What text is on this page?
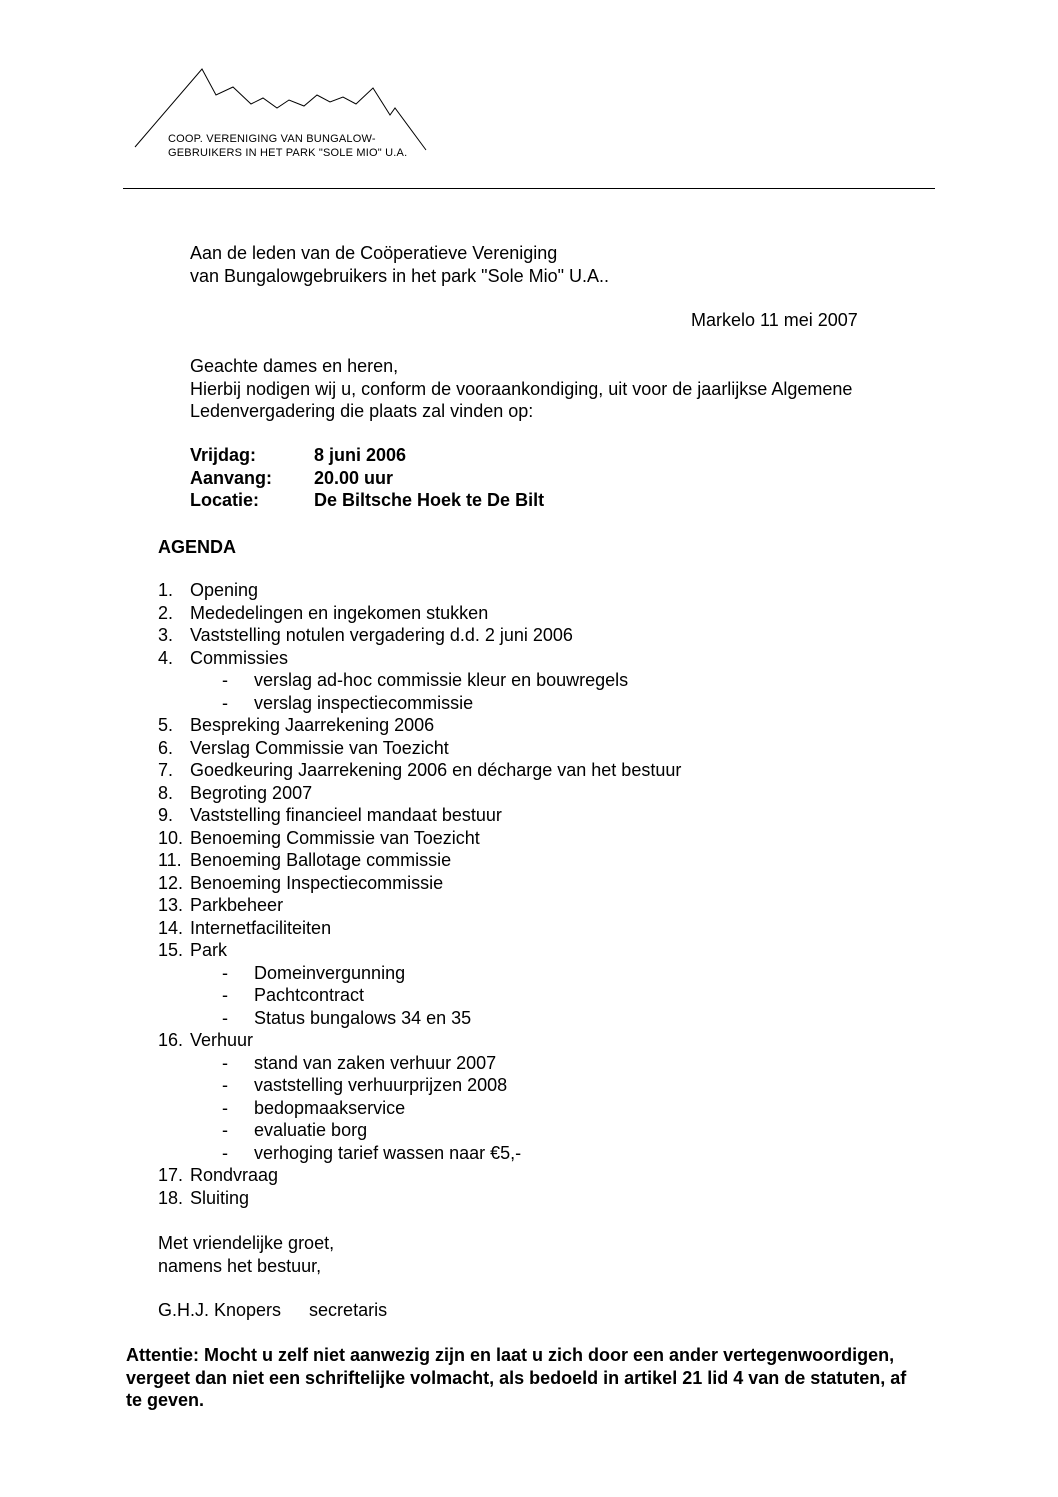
COOP. VERENIGING VAN BUNGALOW-
GEBRUIKERS IN HET PARK "SOLE MIO" U.A.
Aan de leden van de Coöperatieve Vereniging
van Bungalowgebruikers in het park "Sole Mio" U.A..
Markelo 11 mei 2007
Geachte dames en heren,
Hierbij nodigen wij u, conform de vooraankondiging, uit voor de jaarlijkse Algemene
Ledenvergadering die plaats zal vinden op:
Vrijdag:	8 juni 2006
Aanvang:	20.00 uur
Locatie:	De Biltsche Hoek te De Bilt
AGENDA
1. Opening
2. Mededelingen en ingekomen stukken
3. Vaststelling notulen vergadering d.d. 2 juni 2006
4. Commissies
- verslag ad-hoc commissie kleur en bouwregels
- verslag inspectiecommissie
5. Bespreking Jaarrekening 2006
6. Verslag Commissie van Toezicht
7. Goedkeuring Jaarrekening 2006 en décharge van het bestuur
8. Begroting 2007
9. Vaststelling financieel mandaat bestuur
10. Benoeming Commissie van Toezicht
11. Benoeming Ballotage commissie
12. Benoeming Inspectiecommissie
13. Parkbeheer
14. Internetfaciliteiten
15. Park
- Domeinvergunning
- Pachtcontract
- Status bungalows 34 en 35
16. Verhuur
- stand van zaken verhuur 2007
- vaststelling verhuurprijzen 2008
- bedopmaakservice
- evaluatie borg
- verhoging tarief wassen naar €5,-
17. Rondvraag
18. Sluiting
Met vriendelijke groet,
namens het bestuur,
G.H.J. Knopers secretaris
Attentie: Mocht u zelf niet aanwezig zijn en laat u zich door een ander vertegenwoordigen, vergeet dan niet een schriftelijke volmacht, als bedoeld in artikel 21 lid 4 van de statuten, af te geven.
